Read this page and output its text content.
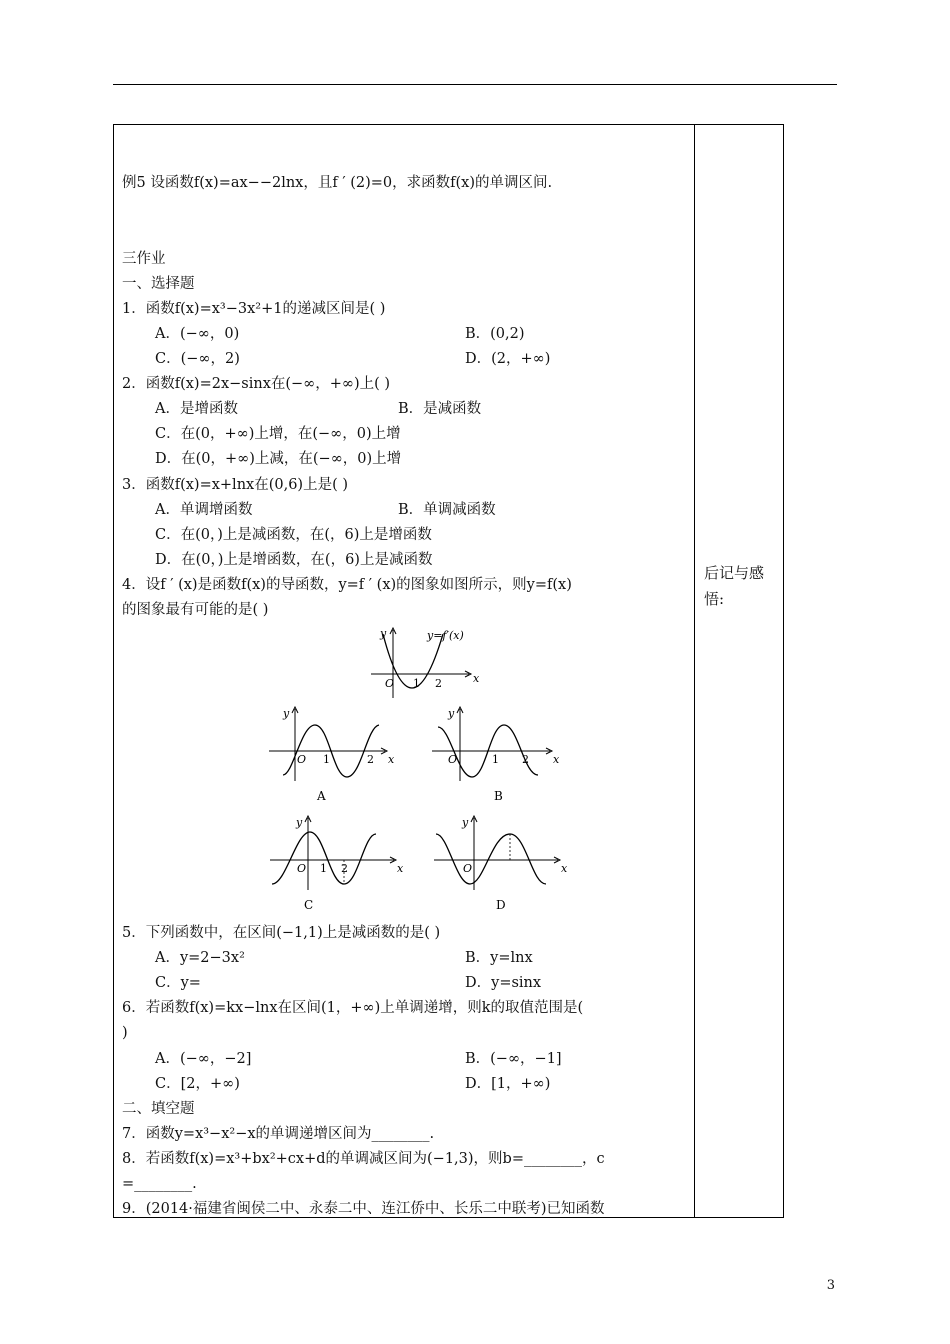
后记与感悟:
例5 设函数f(x)=ax−−2lnx，且f ′ (2)=0，求函数f(x)的单调区间.
三作业
一、选择题
1．函数f(x)=x³−3x²+1的递减区间是( )
A．(−∞，0)	B．(0,2)
C．(−∞，2)	D．(2，+∞)
2．函数f(x)=2x−sinx在(−∞，+∞)上( )
A．是增函数	B．是减函数
C．在(0，+∞)上增，在(−∞，0)上增
D．在(0，+∞)上减，在(−∞，0)上增
3．函数f(x)=x+lnx在(0,6)上是( )
A．单调增函数	B．单调减函数
C．在(0，)上是减函数，在(，6)上是增函数
D．在(0，)上是增函数，在(，6)上是减函数
4．设f ′ (x)是函数f(x)的导函数，y=f ′ (x)的图象如图所示，则y=f(x)
的图象最有可能的是( )
5．下列函数中，在区间(−1,1)上是减函数的是( )
A．y=2−3x²	B．y=lnx
C．y=	D．y=sinx
6．若函数f(x)=kx−lnx在区间(1，+∞)上单调递增，则k的取值范围是(
)
A．(−∞，−2]	B．(−∞，−1]
C．[2，+∞)	D．[1，+∞)
二、填空题
7．函数y=x³−x²−x的单调递增区间为________.
8．若函数f(x)=x³+bx²+cx+d的单调减区间为(−1,3)，则b=________，c
=________.
9．(2014·福建省闽侯二中、永泰二中、连江侨中、长乐二中联考)已知函数
y
x
O 1 2
y=f′(x)
y
x
O 1	2
A
y
x
O	1 2
B
y
x
O 1 2
C
y
x
O
D
3
